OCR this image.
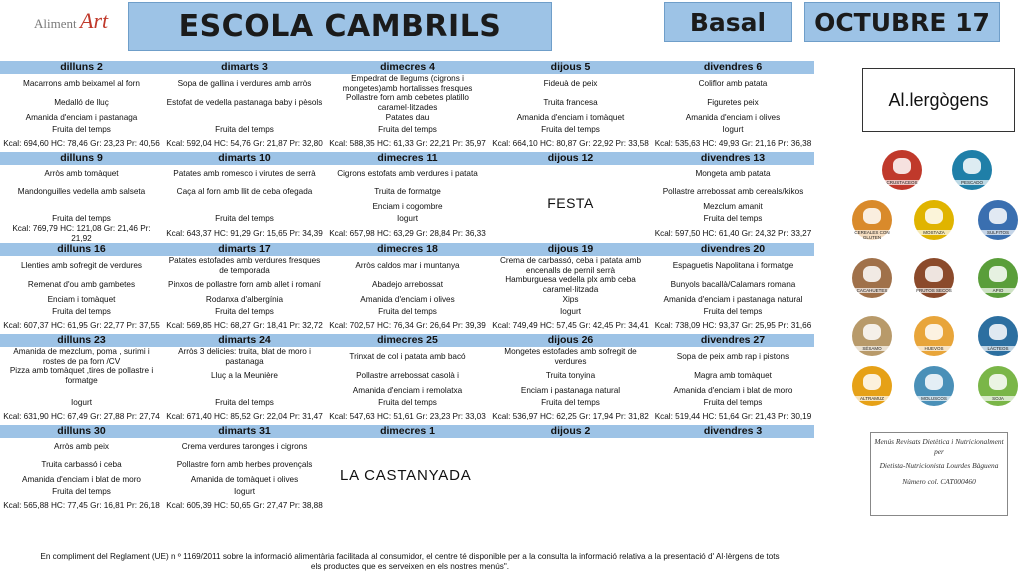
Aliment Art ESCOLA CAMBRILS	Basal OCTUBRE 17
dilluns 2	dimarts 3	dimecres 4	dijous 5	divendres 6
Macarrons amb beixamel al forn	Sopa de gallina i verdures amb arròs	Empedrat de llegums (cigrons i mongetes)amb hortalisses fresques	Fideuà de peix	Coliflor amb patata
Medalló de lluç	Estofat de vedella pastanaga baby i pèsols	Pollastre forn amb cebetes platillo caramel·litzades	Truita francesa	Figuretes peix
Amanida d'enciam i pastanaga		Patates dau	Amanida d'enciam i tomàquet	Amanida d'enciam i olives
Fruita del temps	Fruita del temps	Fruita del temps	Fruita del temps	Iogurt
Kcal: 694,60 HC: 78,46 Gr: 23,23 Pr: 40,56	Kcal: 592,04 HC: 54,76 Gr: 21,87 Pr: 32,80	Kcal: 588,35 HC: 61,33 Gr: 22,21 Pr: 35,97	Kcal: 664,10 HC: 80,87 Gr: 22,92 Pr: 33,58	Kcal: 535,63 HC: 49,93 Gr: 21,16 Pr: 36,38
dilluns 9	dimarts 10	dimecres 11	dijous 12	divendres 13
Arròs amb tomàquet	Patates amb romesco i virutes de serrà	Cigrons estofats amb verdures i patata	FESTA	Mongeta amb patata
Mandonguilles vedella amb salseta	Caça al forn amb llit de ceba ofegada	Truita de formatge		Pollastre arrebossat amb cereals/kikos
		Enciam i cogombre		Mezclum amanit
Fruita del temps	Fruita del temps	Iogurt		Fruita del temps
Kcal: 769,79 HC: 121,08 Gr: 21,46 Pr: 21,92	Kcal: 643,37 HC: 91,29 Gr: 15,65 Pr: 34,39	Kcal: 657,98 HC: 63,29 Gr: 28,84 Pr: 36,33		Kcal: 597,50 HC: 61,40 Gr: 24,32 Pr: 33,27
dilluns 16	dimarts 17	dimecres 18	dijous 19	divendres 20
Llenties amb sofregit de verdures	Patates estofades amb verdures fresques de temporada	Arròs caldos mar i muntanya	Crema de carbassó, ceba i patata amb encenalls de pernil serrà	Espaguetis Napolitana i formatge
Remenat d'ou amb gambetes	Pinxos de pollastre forn amb allet i romaní	Abadejo arrebossat	Hamburguesa vedella plx amb ceba caramel·litzada	Bunyols bacallà/Calamars romana
Enciam i tomàquet	Rodanxa d'albergínia	Amanida d'enciam i olives	Xips	Amanida d'enciam i pastanaga natural
Fruita del temps	Fruita del temps	Fruita del temps	Iogurt	Fruita del temps
Kcal: 607,37 HC: 61,95 Gr: 22,77 Pr: 37,55	Kcal: 569,85 HC: 68,27 Gr: 18,41 Pr: 32,72	Kcal: 702,57 HC: 76,34 Gr: 26,64 Pr: 39,39	Kcal: 749,49 HC: 57,45 Gr: 42,45 Pr: 34,41	Kcal: 738,09 HC: 93,37 Gr: 25,95 Pr: 31,66
dilluns 23	dimarts 24	dimecres 25	dijous 26	divendres 27
Amanida de mezclum, poma , surimi i rostes de pa forn /CV	Arròs 3 delicies: truita, blat de moro i pastanaga	Trinxat de col i patata amb bacó	Mongetes estofades amb sofregit de verdures	Sopa de peix amb rap i pistons
Pizza amb tomàquet ,tires de pollastre i formatge	Lluç a la Meunière	Pollastre arrebossat casolà i	Truita tonyina	Magra amb tomàquet
		Amanida d'enciam i remolatxa	Enciam i pastanaga natural	Amanida d'enciam i blat de moro
Iogurt	Fruita del temps	Fruita del temps	Fruita del temps	Fruita del temps
Kcal: 631,90 HC: 67,49 Gr: 27,88 Pr: 27,74	Kcal: 671,40 HC: 85,52 Gr: 22,04 Pr: 31,47	Kcal: 547,63 HC: 51,61 Gr: 23,23 Pr: 33,03	Kcal: 536,97 HC: 62,25 Gr: 17,94 Pr: 31,82	Kcal: 519,44 HC: 51,64 Gr: 21,43 Pr: 30,19
dilluns 30	dimarts 31	dimecres 1	dijous 2	divendres 3
Arròs amb peix	Crema verdures taronges i cigrons	LA CASTANYADA		
Truita carbassó i ceba	Pollastre forn amb herbes provençals			
Amanida d'enciam i blat de moro	Amanida de tomàquet i olives			
Fruita del temps	Iogurt			
Kcal: 565,88 HC: 77,45 Gr: 16,81 Pr: 26,18	Kcal: 605,39 HC: 50,65 Gr: 27,47 Pr: 38,88			
Al.lergògens
CRUSTACEOS	PESCADO
CEREALES CON GLUTEN
MOSTAZA	SULFITOS
CACAHUETES	FRUTOS SECOS	APIO
SÉSAMO	HUEVOS	LÁCTEOS
ALTRAMUZ	MOLUSCOS	SOJA
Menús Revisats Dietètica i Nutricionalment per
Dietista-Nutricionista Lourdes Bàguena
Número col. CAT000460
En compliment del Reglament (UE) n º 1169/2011 sobre la informació alimentària facilitada al consumidor, el centre té disponible per a la consulta la informació relativa a la presentació d' Al·lèrgens de tots els productes que es serveixen en els nostres menús".
